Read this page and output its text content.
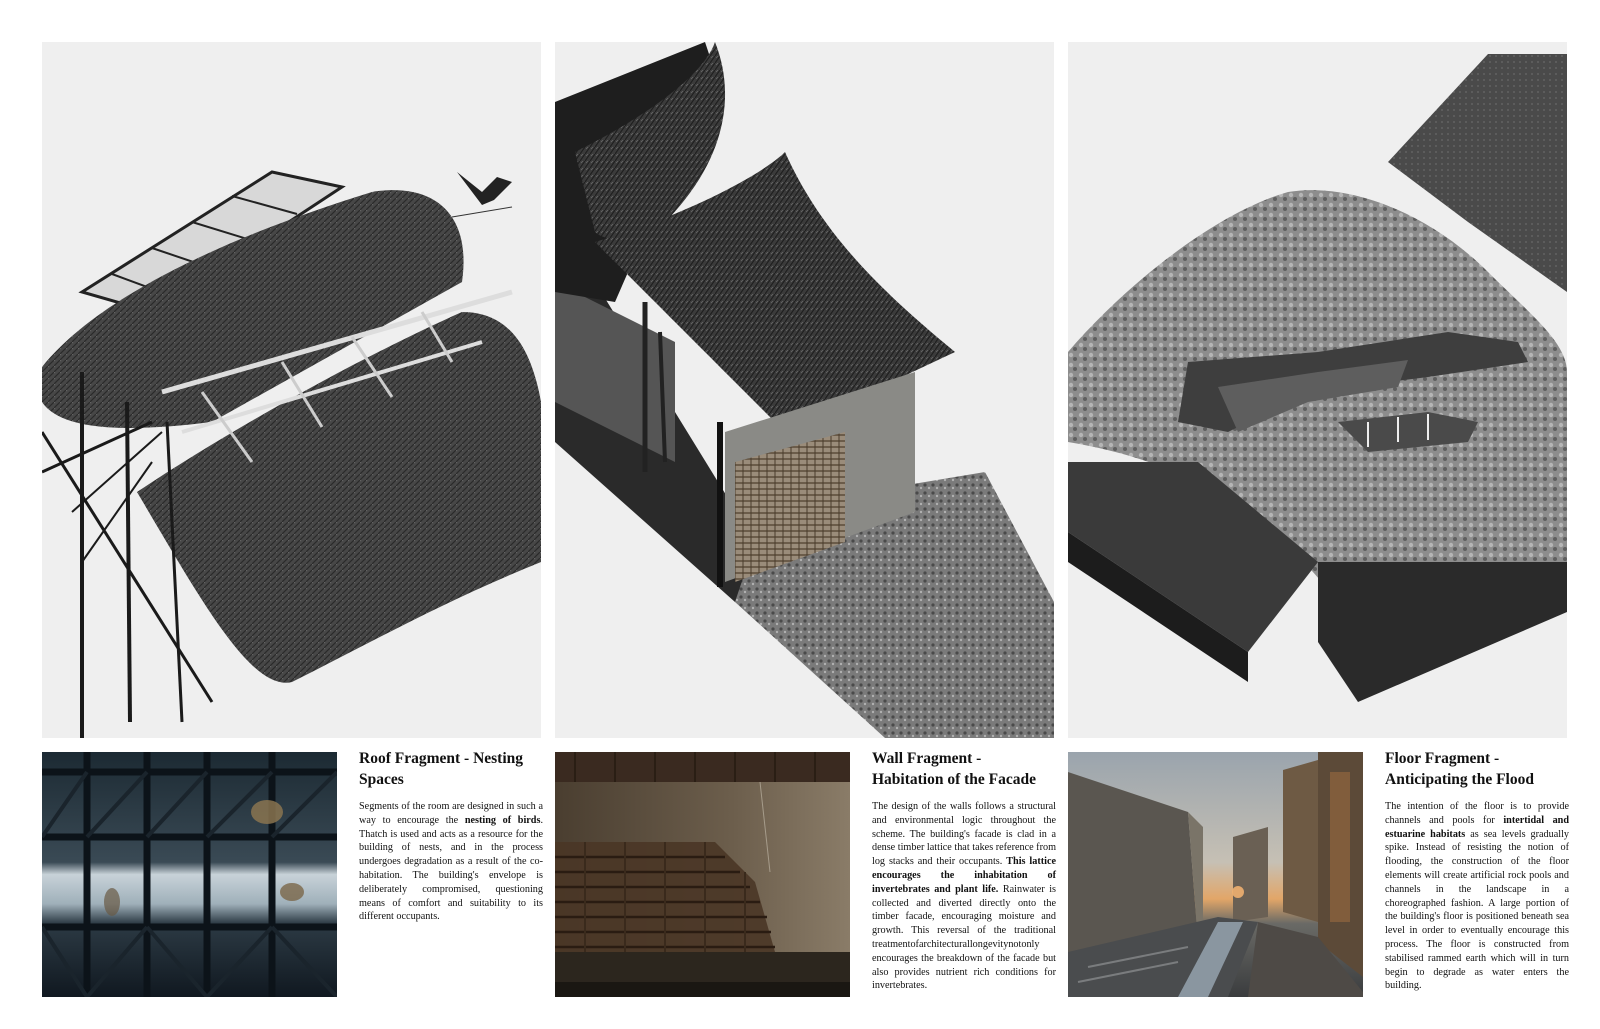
Roof Fragment - Nesting Spaces

Segments of the room are designed in such a way to encourage the nesting of birds. Thatch is used and acts as a resource for the building of nests, and in the process undergoes degradation as a result of the co-habitation. The building's envelope is deliberately compromised, questioning means of comfort and suitability to its different occupants.

Wall Fragment - Habitation of the Facade

The design of the walls follows a structural and environmental logic throughout the scheme. The building's facade is clad in a dense timber lattice that takes reference from log stacks and their occupants. This lattice encourages the inhabitation of invertebrates and plant life. Rainwater is collected and diverted directly onto the timber facade, encouraging moisture and growth. This reversal of the traditional treatmentofarchitecturallongevitynotonly encourages the breakdown of the facade but also provides nutrient rich conditions for invertebrates.

Floor Fragment - Anticipating the Flood

The intention of the floor is to provide channels and pools for intertidal and estuarine habitats as sea levels gradually spike. Instead of resisting the notion of flooding, the construction of the floor elements will create artificial rock pools and channels in the landscape in a choreographed fashion. A large portion of the building's floor is positioned beneath sea level in order to eventually encourage this process. The floor is constructed from stabilised rammed earth which will in turn begin to degrade as water enters the building.
